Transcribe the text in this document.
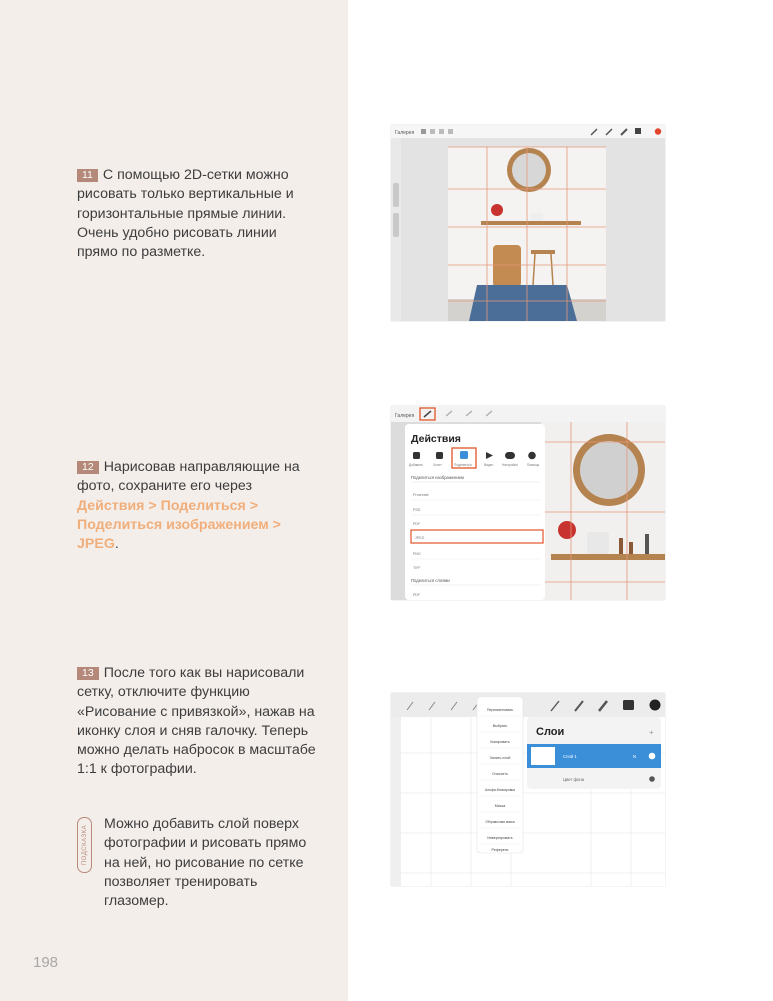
11 С помощью 2D-сетки можно рисовать только вертикальные и горизонтальные прямые линии. Очень удобно рисовать линии прямо по разметке.
12 Нарисовав направляющие на фото, сохраните его через Действия > Поделиться > Поделиться изображением > JPEG.
13 После того как вы нарисовали сетку, отключите функцию «Рисование с привязкой», нажав на иконку слоя и сняв галочку. Теперь можно делать набросок в масштабе 1:1 к фотографии.
ПОДСКАЗКА
Можно добавить слой поверх фотографии и рисовать прямо на ней, но рисование по сетке позволяет тренировать глазомер.
198
Галерея
Галерея
Действия
Добавить	Холст	Поделиться	Видео	Настройки	Помощь
Поделиться изображением
Procreate
PSD
PDF
JPEG
PNG
TIFF
Поделиться слоями
PDF
Переименовать
Выбрать
Копировать
Залить слой
Очистить
Альфа-блокировка
Маска
Обтравочная маска
Инвертировать
Референс
Слои	+
Слой 1	N
Цвет фона
